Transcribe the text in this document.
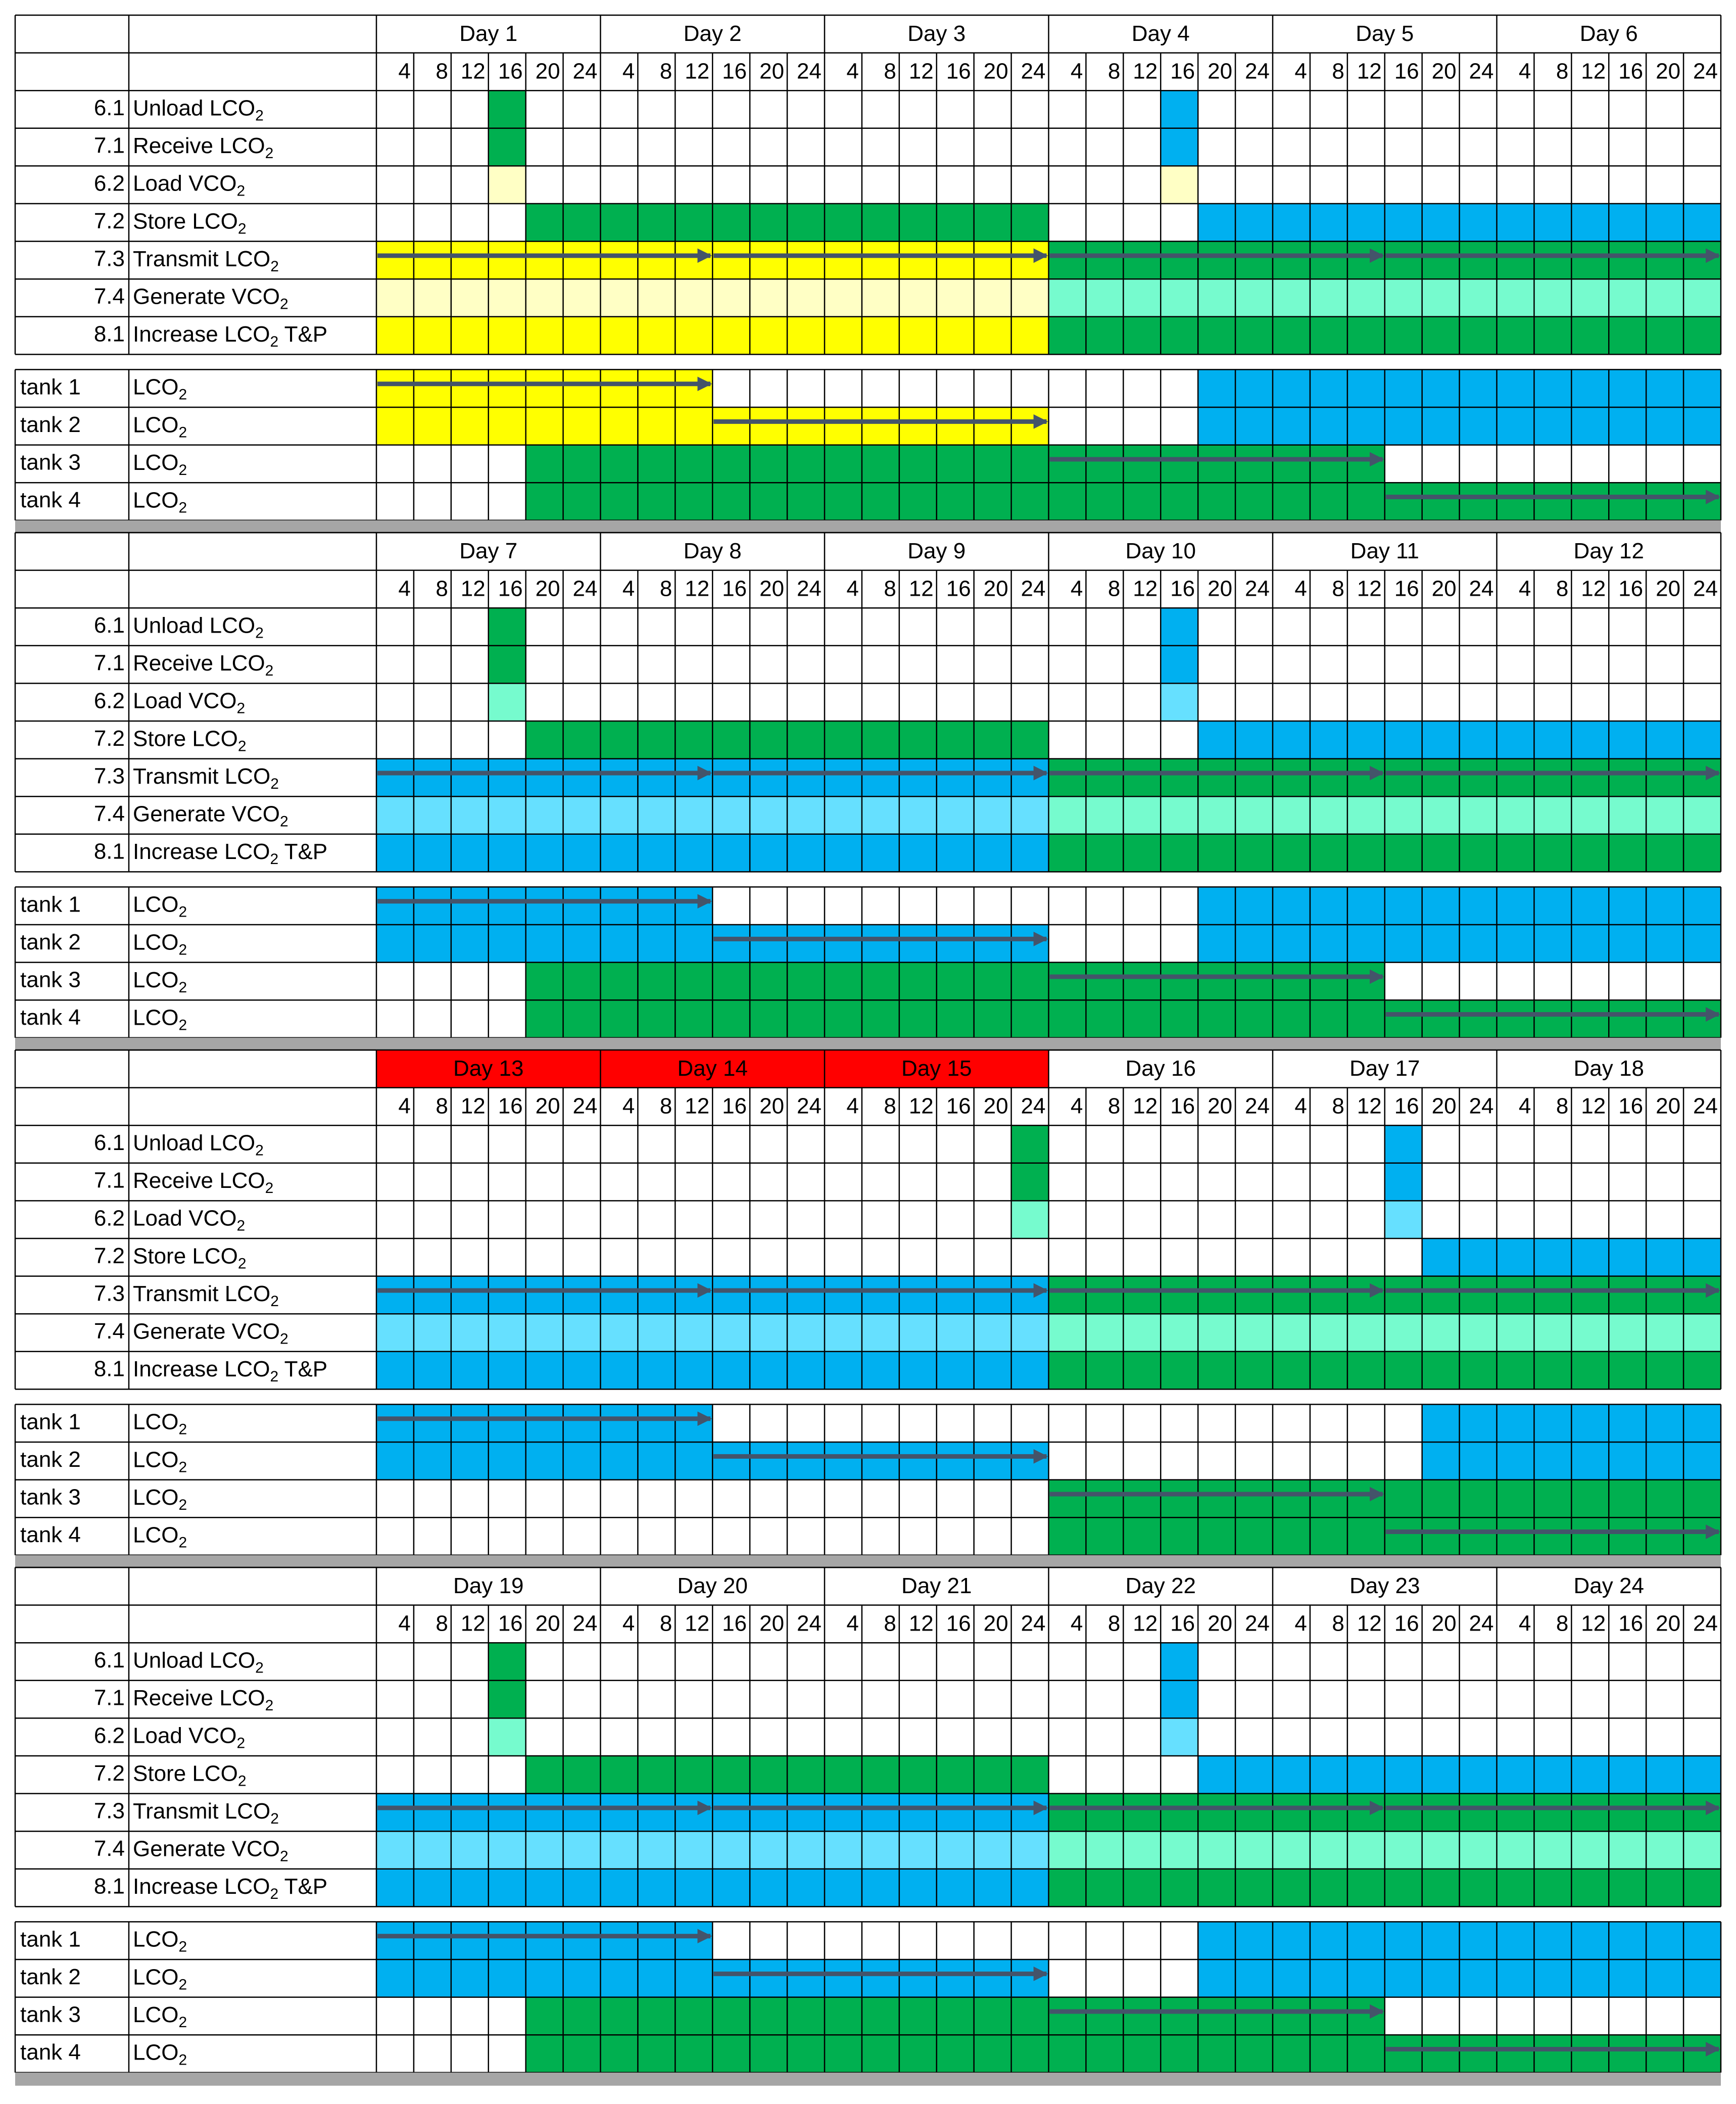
Day 1	Day 2	Day 3	Day 4	Day 5	Day 6
4 8 12 16 20 24 4 8 12 16 20 24 4 8 12 16 20 24 4 8 12 16 20 24 4 8 12 16 20 24 4 8 12 16 20 24
6.1 Unload $LCO_2$
7.1 Receive $LCO_2$
6.2 Load $VCO_2$
7.2 Store $LCO_2$
7.3 Transmit $LCO_2$
7.4 Generate $VCO_2$
8.1 Increase $LCO_2$ T&P
tank 1 $LCO_2$
tank 2 $LCO_2$
tank 3 $LCO_2$
tank 4 $LCO_2$
Day 7	Day 8	Day 9	Day 10	Day 11	Day 12
4 8 12 16 20 24 4 8 12 16 20 24 4 8 12 16 20 24 4 8 12 16 20 24 4 8 12 16 20 24 4 8 12 16 20 24
6.1 Unload $LCO_2$
7.1 Receive $LCO_2$
6.2 Load $VCO_2$
7.2 Store $LCO_2$
7.3 Transmit $LCO_2$
7.4 Generate $VCO_2$
8.1 Increase $LCO_2$ T&P
tank 1 $LCO_2$
tank 2 $LCO_2$
tank 3 $LCO_2$
tank 4 $LCO_2$
Day 13	Day 14	Day 15	Day 16	Day 17	Day 18
4 8 12 16 20 24 4 8 12 16 20 24 4 8 12 16 20 24 4 8 12 16 20 24 4 8 12 16 20 24 4 8 12 16 20 24
6.1 Unload $LCO_2$
7.1 Receive $LCO_2$
6.2 Load $VCO_2$
7.2 Store $LCO_2$
7.3 Transmit $LCO_2$
7.4 Generate $VCO_2$
8.1 Increase $LCO_2$ T&P
tank 1 $LCO_2$
tank 2 $LCO_2$
tank 3 $LCO_2$
tank 4 $LCO_2$
Day 19	Day 20	Day 21	Day 22	Day 23	Day 24
4 8 12 16 20 24 4 8 12 16 20 24 4 8 12 16 20 24 4 8 12 16 20 24 4 8 12 16 20 24 4 8 12 16 20 24
6.1 Unload $LCO_2$
7.1 Receive $LCO_2$
6.2 Load $VCO_2$
7.2 Store $LCO_2$
7.3 Transmit $LCO_2$
7.4 Generate $VCO_2$
8.1 Increase $LCO_2$ T&P
tank 1 $LCO_2$
tank 2 $LCO_2$
tank 3 $LCO_2$
tank 4 $LCO_2$
